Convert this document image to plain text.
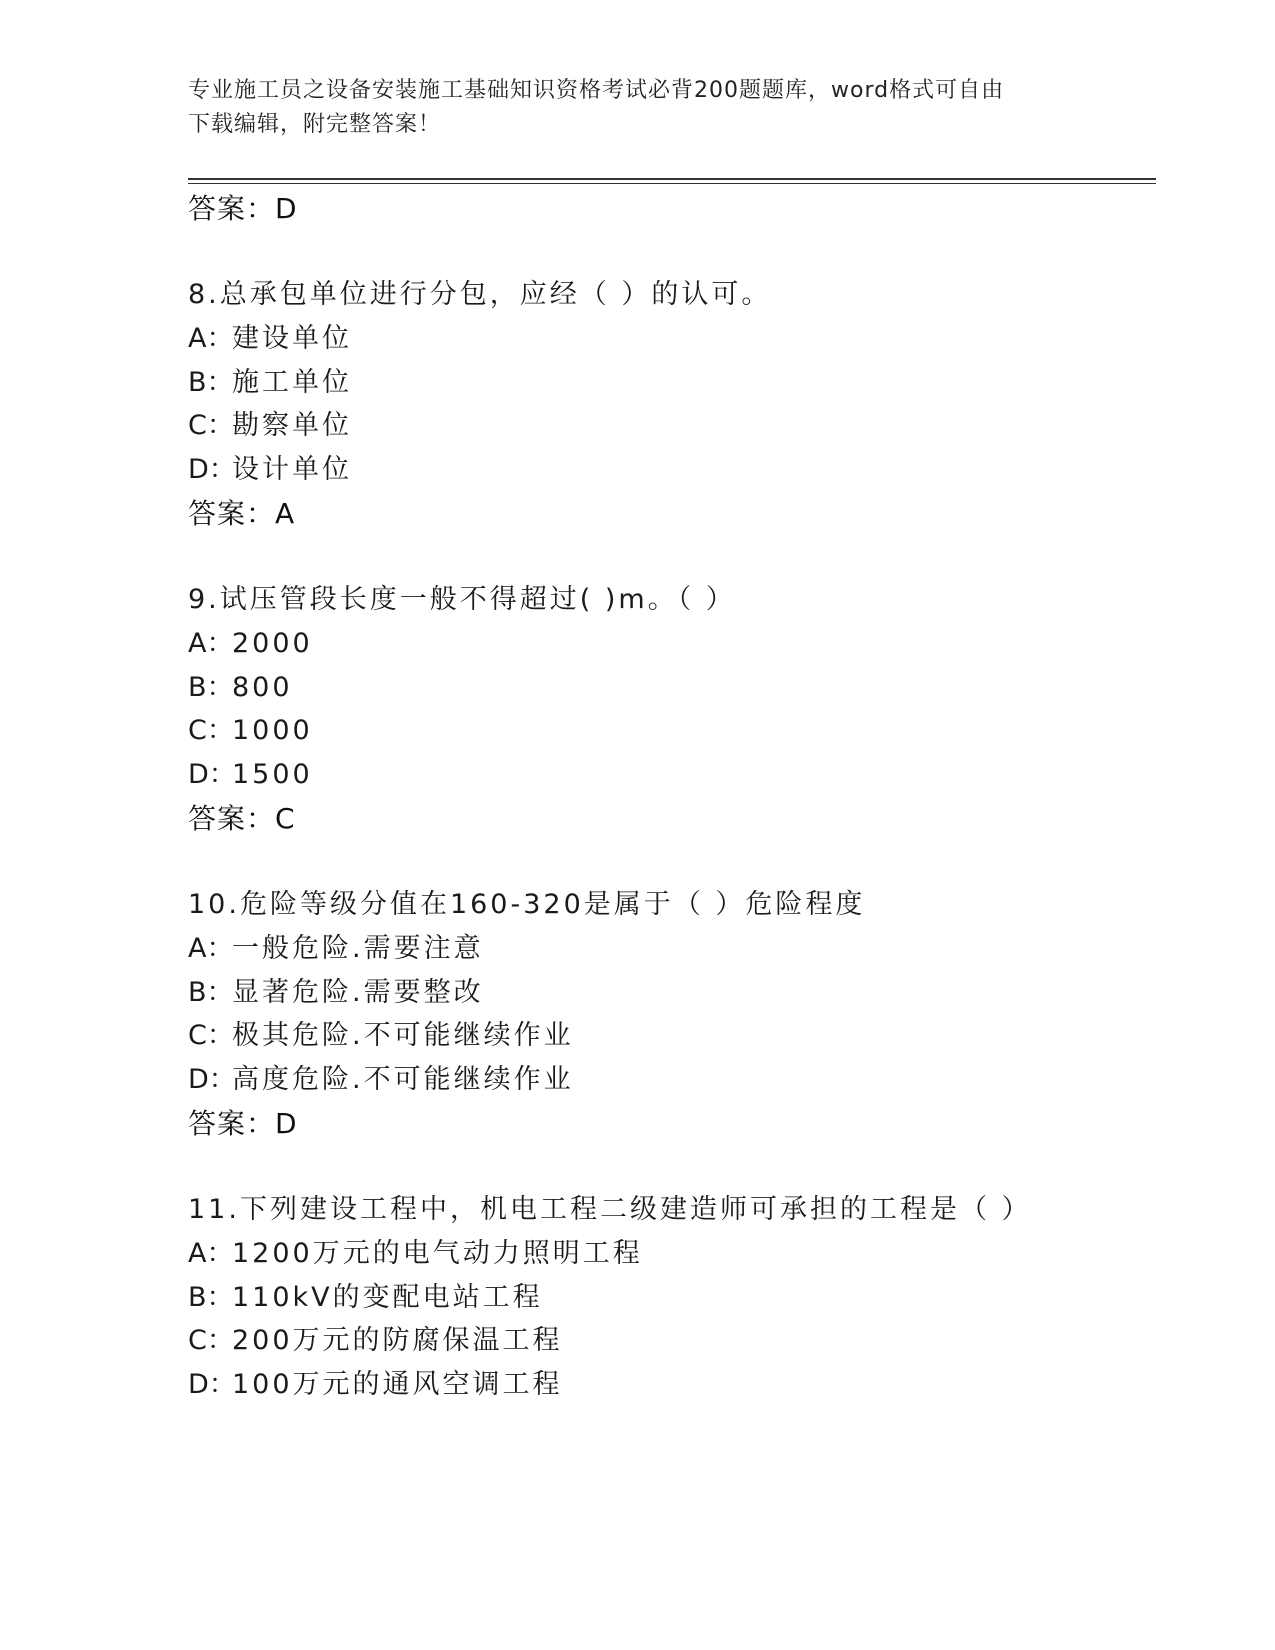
专业施工员之设备安装施工基础知识资格考试必背200题题库，word格式可自由
下载编辑，附完整答案！
答案：D
8.总承包单位进行分包，应经（ ）的认可。
A：建设单位
B：施工单位
C：勘察单位
D：设计单位
答案：A
9.试压管段长度一般不得超过( )m。（ ）
A：2000
B：800
C：1000
D：1500
答案：C
10.危险等级分值在160-320是属于（ ）危险程度
A：一般危险.需要注意
B：显著危险.需要整改
C：极其危险.不可能继续作业
D：高度危险.不可能继续作业
答案：D
11.下列建设工程中，机电工程二级建造师可承担的工程是（ ）
A：1200万元的电气动力照明工程
B：110kV的变配电站工程
C：200万元的防腐保温工程
D：100万元的通风空调工程
